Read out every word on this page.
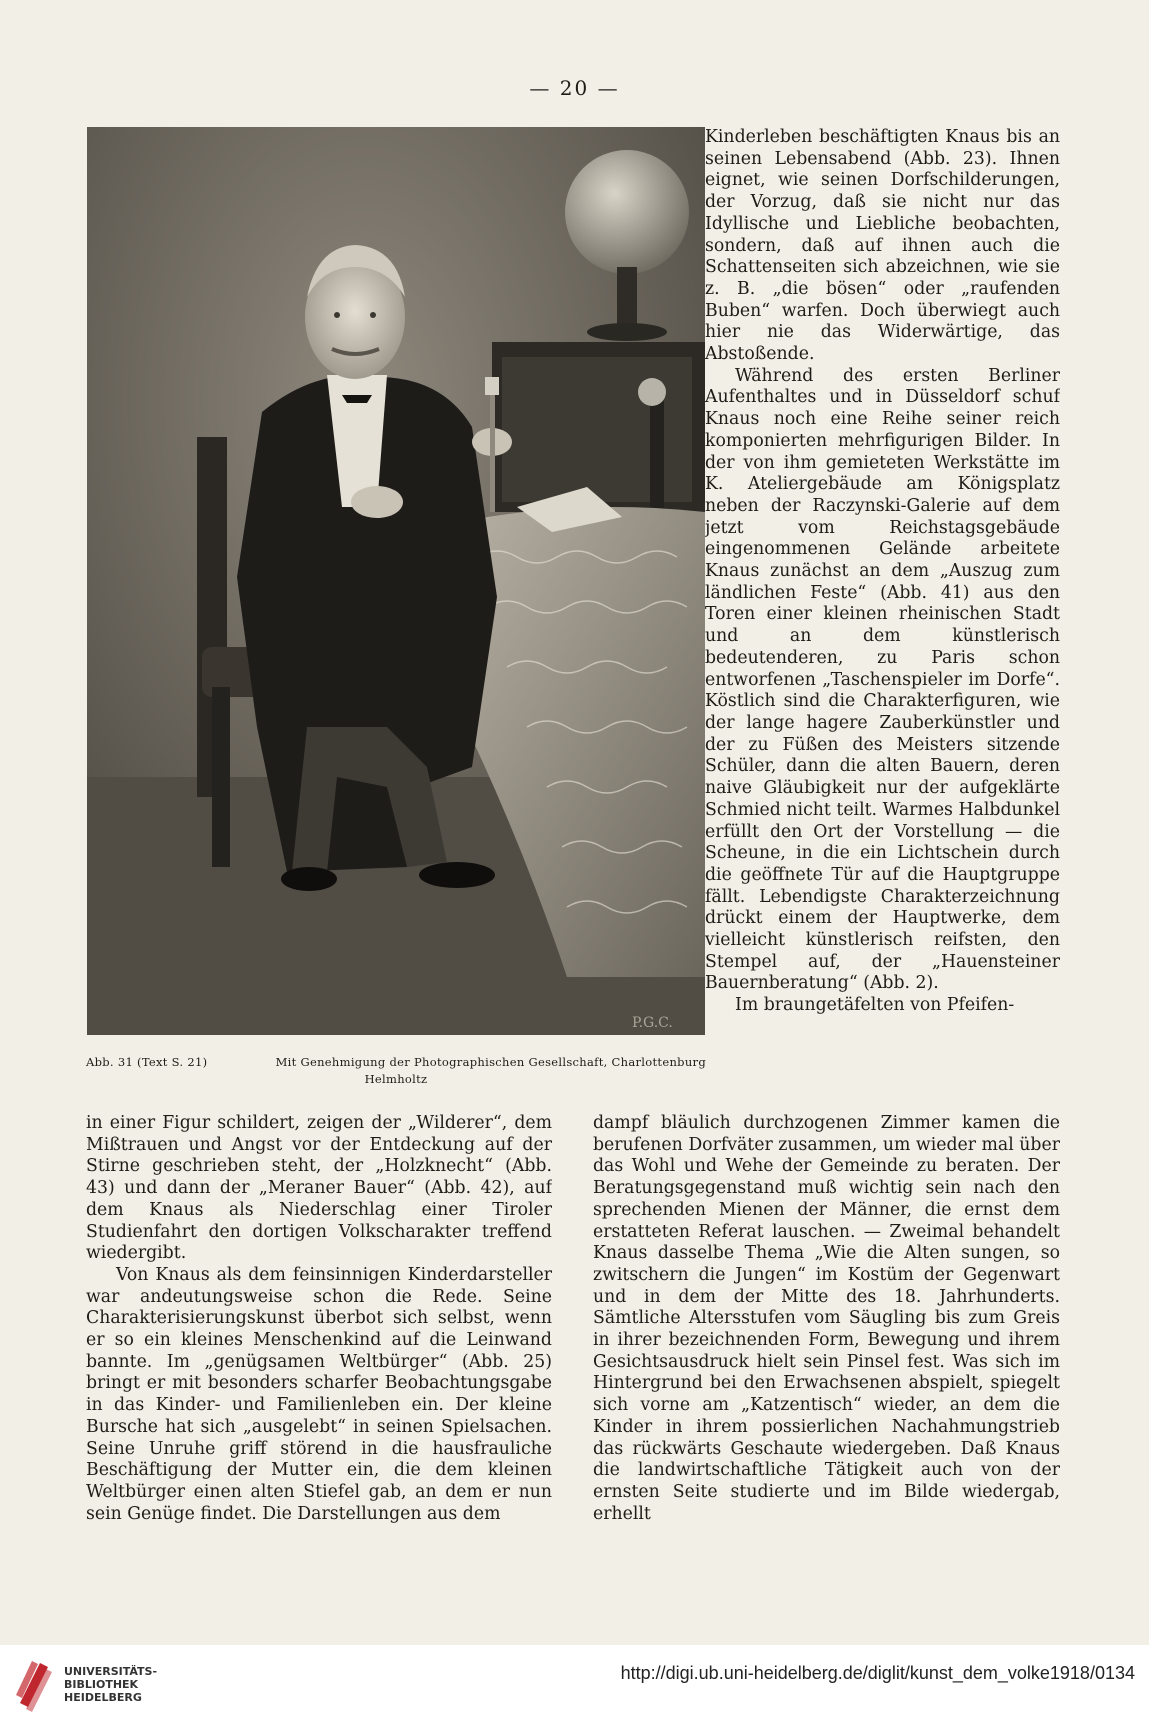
— 20 —
P.G.C.
Abb. 31 (Text S. 21)	Mit Genehmigung der Photographischen Gesellschaft, Charlottenburg
Helmholtz

Kinderleben beschäftigten Knaus bis an seinen Lebensabend (Abb. 23). Ihnen eignet, wie seinen Dorfschilderungen, der Vorzug, daß sie nicht nur das Idyllische und Liebliche beobachten, sondern, daß auf ihnen auch die Schattenseiten sich abzeichnen, wie sie z. B. „die bösen“ oder „raufenden Buben“ warfen. Doch überwiegt auch hier nie das Widerwärtige, das Abstoßende.

Während des ersten Berliner Aufenthaltes und in Düsseldorf schuf Knaus noch eine Reihe seiner reich komponierten mehrfigurigen Bilder. In der von ihm gemieteten Werkstätte im K. Ateliergebäude am Königsplatz neben der Raczynski-Galerie auf dem jetzt vom Reichstagsgebäude eingenommenen Gelände arbeitete Knaus zunächst an dem „Auszug zum ländlichen Feste“ (Abb. 41) aus den Toren einer kleinen rheinischen Stadt und an dem künstlerisch bedeutenderen, zu Paris schon entworfenen „Taschenspieler im Dorfe“. Köstlich sind die Charakterfiguren, wie der lange hagere Zauberkünstler und der zu Füßen des Meisters sitzende Schüler, dann die alten Bauern, deren naive Gläubigkeit nur der aufgeklärte Schmied nicht teilt. Warmes Halbdunkel erfüllt den Ort der Vorstellung — die Scheune, in die ein Lichtschein durch die geöffnete Tür auf die Hauptgruppe fällt. Lebendigste Charakterzeichnung drückt einem der Hauptwerke, dem vielleicht künstlerisch reifsten, den Stempel auf, der „Hauensteiner Bauernberatung“ (Abb. 2).

Im braungetäfelten von Pfeifen-

in einer Figur schildert, zeigen der „Wilderer“, dem Mißtrauen und Angst vor der Entdeckung auf der Stirne geschrieben steht, der „Holzknecht“ (Abb. 43) und dann der „Meraner Bauer“ (Abb. 42), auf dem Knaus als Niederschlag einer Tiroler Studienfahrt den dortigen Volkscharakter treffend wiedergibt.

Von Knaus als dem feinsinnigen Kinderdarsteller war andeutungsweise schon die Rede. Seine Charakterisierungskunst überbot sich selbst, wenn er so ein kleines Menschenkind auf die Leinwand bannte. Im „genügsamen Weltbürger“ (Abb. 25) bringt er mit besonders scharfer Beobachtungsgabe in das Kinder- und Familienleben ein. Der kleine Bursche hat sich „ausgelebt“ in seinen Spielsachen. Seine Unruhe griff störend in die hausfrauliche Beschäftigung der Mutter ein, die dem kleinen Weltbürger einen alten Stiefel gab, an dem er nun sein Genüge findet. Die Darstellungen aus dem

dampf bläulich durchzogenen Zimmer kamen die berufenen Dorfväter zusammen, um wieder mal über das Wohl und Wehe der Gemeinde zu beraten. Der Beratungsgegenstand muß wichtig sein nach den sprechenden Mienen der Männer, die ernst dem erstatteten Referat lauschen. — Zweimal behandelt Knaus dasselbe Thema „Wie die Alten sungen, so zwitschern die Jungen“ im Kostüm der Gegenwart und in dem der Mitte des 18. Jahrhunderts. Sämtliche Altersstufen vom Säugling bis zum Greis in ihrer bezeichnenden Form, Bewegung und ihrem Gesichtsausdruck hielt sein Pinsel fest. Was sich im Hintergrund bei den Erwachsenen abspielt, spiegelt sich vorne am „Katzentisch“ wieder, an dem die Kinder in ihrem possierlichen Nachahmungstrieb das rückwärts Geschaute wiedergeben. Daß Knaus die landwirtschaftliche Tätigkeit auch von der ernsten Seite studierte und im Bilde wiedergab, erhellt

UNIVERSITÄTS-
BIBLIOTHEK
HEIDELBERG
http://digi.ub.uni-heidelberg.de/diglit/kunst_dem_volke1918/0134
